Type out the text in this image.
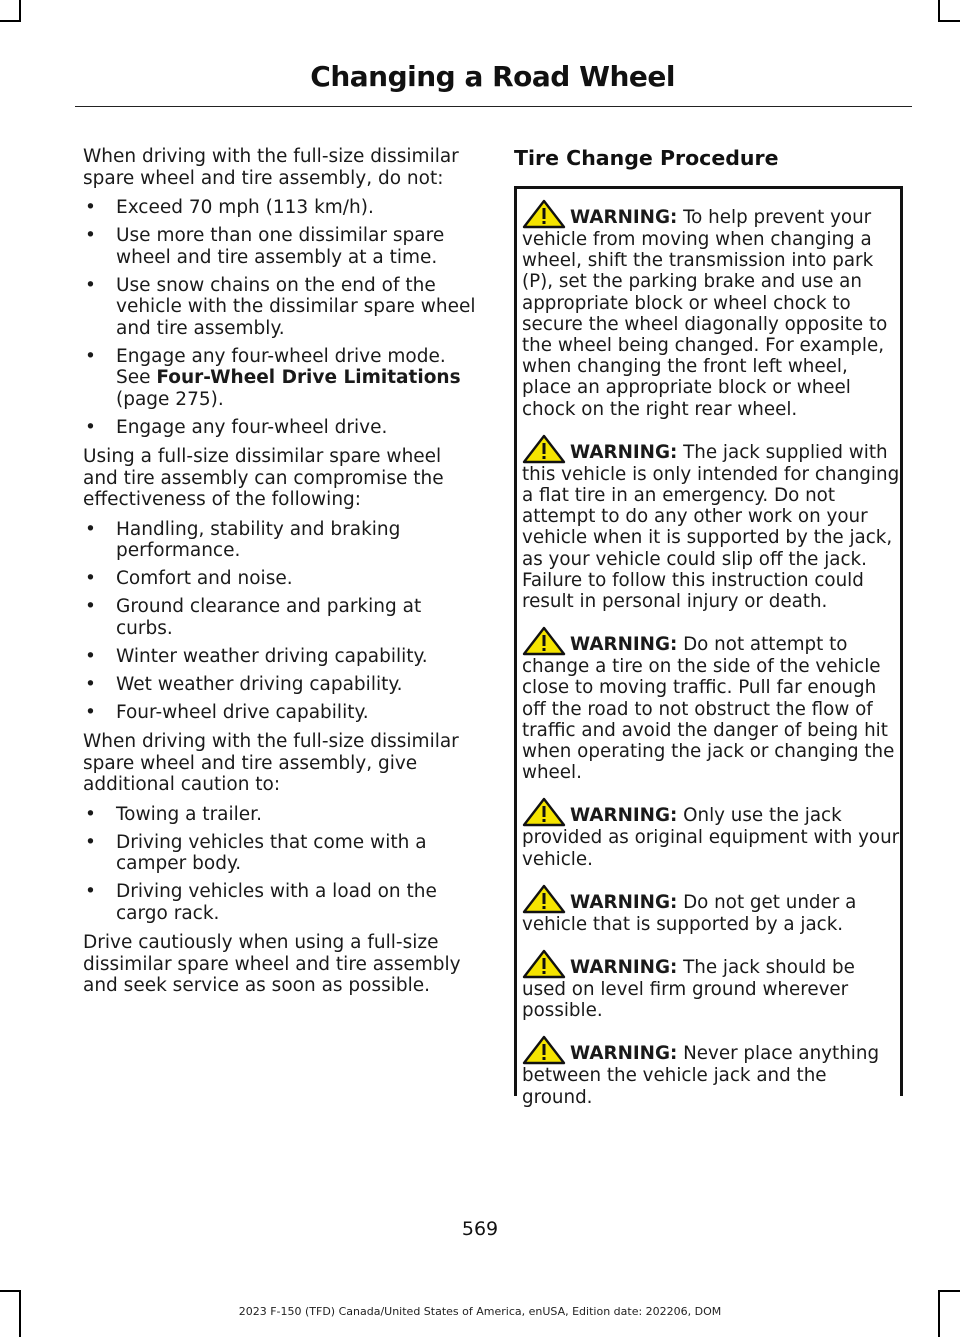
Changing a Road Wheel

When driving with the full-size dissimilar spare wheel and tire assembly, do not:

• Exceed 70 mph (113 km/h).
• Use more than one dissimilar spare wheel and tire assembly at a time.
• Use snow chains on the end of the vehicle with the dissimilar spare wheel and tire assembly.
• Engage any four-wheel drive mode. See Four-Wheel Drive Limitations (page 275).
• Engage any four-wheel drive.

Using a full-size dissimilar spare wheel and tire assembly can compromise the effectiveness of the following:

• Handling, stability and braking performance.
• Comfort and noise.
• Ground clearance and parking at curbs.
• Winter weather driving capability.
• Wet weather driving capability.
• Four-wheel drive capability.

When driving with the full-size dissimilar spare wheel and tire assembly, give additional caution to:

• Towing a trailer.
• Driving vehicles that come with a camper body.
• Driving vehicles with a load on the cargo rack.

Drive cautiously when using a full-size dissimilar spare wheel and tire assembly and seek service as soon as possible.

Tire Change Procedure
WARNING: To help prevent your vehicle from moving when changing a wheel, shift the transmission into park (P), set the parking brake and use an appropriate block or wheel chock to secure the wheel diagonally opposite to the wheel being changed. For example, when changing the front left wheel, place an appropriate block or wheel chock on the right rear wheel.
WARNING: The jack supplied with this vehicle is only intended for changing a flat tire in an emergency. Do not attempt to do any other work on your vehicle when it is supported by the jack, as your vehicle could slip off the jack. Failure to follow this instruction could result in personal injury or death.
WARNING: Do not attempt to change a tire on the side of the vehicle close to moving traffic. Pull far enough off the road to not obstruct the flow of traffic and avoid the danger of being hit when operating the jack or changing the wheel.
WARNING: Only use the jack provided as original equipment with your vehicle.
WARNING: Do not get under a vehicle that is supported by a jack.
WARNING: The jack should be used on level firm ground wherever possible.
WARNING: Never place anything between the vehicle jack and the ground.
569
2023 F-150 (TFD) Canada/United States of America, enUSA, Edition date: 202206, DOM
